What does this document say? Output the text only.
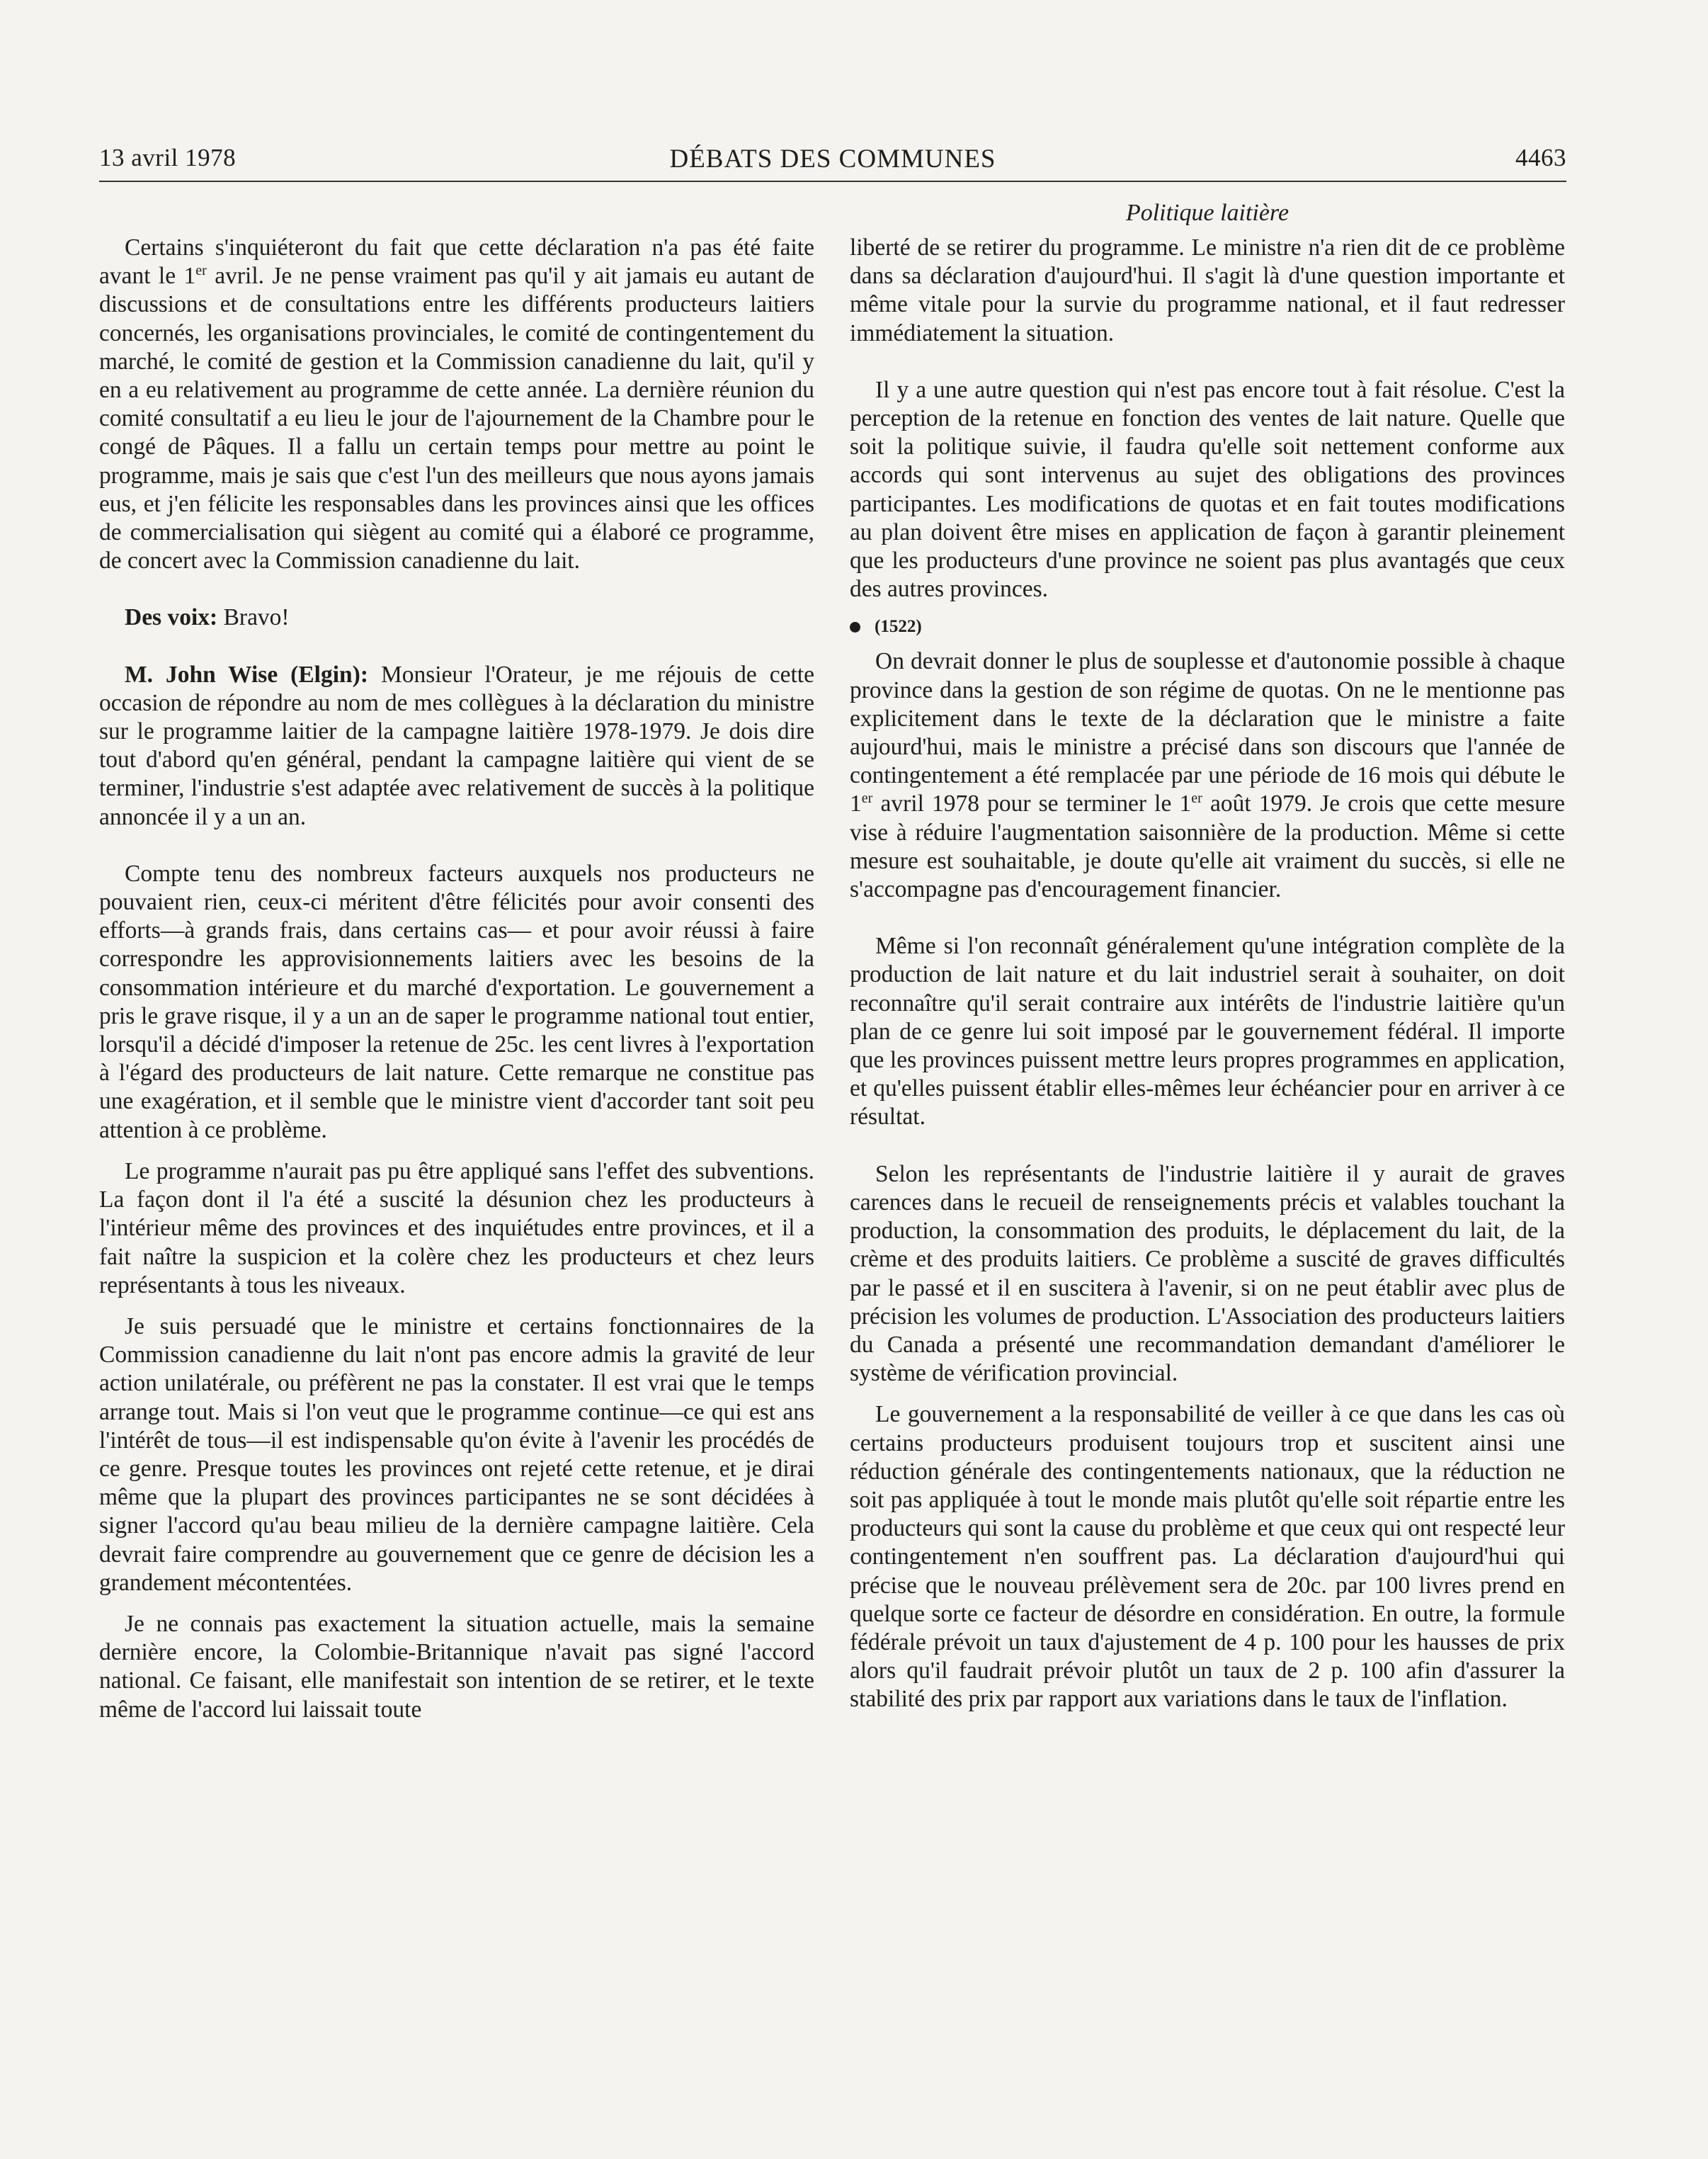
13 avril 1978	DÉBATS DES COMMUNES	4463
Politique laitière

Certains s'inquiéteront du fait que cette déclaration n'a pas été faite avant le 1er avril. Je ne pense vraiment pas qu'il y ait jamais eu autant de discussions et de consultations entre les différents producteurs laitiers concernés, les organisations provinciales, le comité de contingentement du marché, le comité de gestion et la Commission canadienne du lait, qu'il y en a eu relativement au programme de cette année. La dernière réunion du comité consultatif a eu lieu le jour de l'ajournement de la Chambre pour le congé de Pâques. Il a fallu un certain temps pour mettre au point le programme, mais je sais que c'est l'un des meilleurs que nous ayons jamais eus, et j'en félicite les responsables dans les provinces ainsi que les offices de commercialisation qui siègent au comité qui a élaboré ce programme, de concert avec la Commission canadienne du lait.

Des voix: Bravo!

M. John Wise (Elgin): Monsieur l'Orateur, je me réjouis de cette occasion de répondre au nom de mes collègues à la déclaration du ministre sur le programme laitier de la campagne laitière 1978-1979. Je dois dire tout d'abord qu'en général, pendant la campagne laitière qui vient de se terminer, l'industrie s'est adaptée avec relativement de succès à la politique annoncée il y a un an.

Compte tenu des nombreux facteurs auxquels nos producteurs ne pouvaient rien, ceux-ci méritent d'être félicités pour avoir consenti des efforts—à grands frais, dans certains cas— et pour avoir réussi à faire correspondre les approvisionnements laitiers avec les besoins de la consommation intérieure et du marché d'exportation. Le gouvernement a pris le grave risque, il y a un an de saper le programme national tout entier, lorsqu'il a décidé d'imposer la retenue de 25c. les cent livres à l'exportation à l'égard des producteurs de lait nature. Cette remarque ne constitue pas une exagération, et il semble que le ministre vient d'accorder tant soit peu attention à ce problème.

Le programme n'aurait pas pu être appliqué sans l'effet des subventions. La façon dont il l'a été a suscité la désunion chez les producteurs à l'intérieur même des provinces et des inquiétudes entre provinces, et il a fait naître la suspicion et la colère chez les producteurs et chez leurs représentants à tous les niveaux.

Je suis persuadé que le ministre et certains fonctionnaires de la Commission canadienne du lait n'ont pas encore admis la gravité de leur action unilatérale, ou préfèrent ne pas la constater. Il est vrai que le temps arrange tout. Mais si l'on veut que le programme continue—ce qui est ans l'intérêt de tous—il est indispensable qu'on évite à l'avenir les procédés de ce genre. Presque toutes les provinces ont rejeté cette retenue, et je dirai même que la plupart des provinces participantes ne se sont décidées à signer l'accord qu'au beau milieu de la dernière campagne laitière. Cela devrait faire comprendre au gouvernement que ce genre de décision les a grandement mécontentées.

Je ne connais pas exactement la situation actuelle, mais la semaine dernière encore, la Colombie-Britannique n'avait pas signé l'accord national. Ce faisant, elle manifestait son intention de se retirer, et le texte même de l'accord lui laissait toute

liberté de se retirer du programme. Le ministre n'a rien dit de ce problème dans sa déclaration d'aujourd'hui. Il s'agit là d'une question importante et même vitale pour la survie du programme national, et il faut redresser immédiatement la situation.

Il y a une autre question qui n'est pas encore tout à fait résolue. C'est la perception de la retenue en fonction des ventes de lait nature. Quelle que soit la politique suivie, il faudra qu'elle soit nettement conforme aux accords qui sont intervenus au sujet des obligations des provinces participantes. Les modifications de quotas et en fait toutes modifications au plan doivent être mises en application de façon à garantir pleinement que les producteurs d'une province ne soient pas plus avantagés que ceux des autres provinces.

(1522)

On devrait donner le plus de souplesse et d'autonomie possible à chaque province dans la gestion de son régime de quotas. On ne le mentionne pas explicitement dans le texte de la déclaration que le ministre a faite aujourd'hui, mais le ministre a précisé dans son discours que l'année de contingentement a été remplacée par une période de 16 mois qui débute le 1er avril 1978 pour se terminer le 1er août 1979. Je crois que cette mesure vise à réduire l'augmentation saisonnière de la production. Même si cette mesure est souhaitable, je doute qu'elle ait vraiment du succès, si elle ne s'accompagne pas d'encouragement financier.

Même si l'on reconnaît généralement qu'une intégration complète de la production de lait nature et du lait industriel serait à souhaiter, on doit reconnaître qu'il serait contraire aux intérêts de l'industrie laitière qu'un plan de ce genre lui soit imposé par le gouvernement fédéral. Il importe que les provinces puissent mettre leurs propres programmes en application, et qu'elles puissent établir elles-mêmes leur échéancier pour en arriver à ce résultat.

Selon les représentants de l'industrie laitière il y aurait de graves carences dans le recueil de renseignements précis et valables touchant la production, la consommation des produits, le déplacement du lait, de la crème et des produits laitiers. Ce problème a suscité de graves difficultés par le passé et il en suscitera à l'avenir, si on ne peut établir avec plus de précision les volumes de production. L'Association des producteurs laitiers du Canada a présenté une recommandation demandant d'améliorer le système de vérification provincial.

Le gouvernement a la responsabilité de veiller à ce que dans les cas où certains producteurs produisent toujours trop et suscitent ainsi une réduction générale des contingentements nationaux, que la réduction ne soit pas appliquée à tout le monde mais plutôt qu'elle soit répartie entre les producteurs qui sont la cause du problème et que ceux qui ont respecté leur contingentement n'en souffrent pas. La déclaration d'aujourd'hui qui précise que le nouveau prélèvement sera de 20c. par 100 livres prend en quelque sorte ce facteur de désordre en considération. En outre, la formule fédérale prévoit un taux d'ajustement de 4 p. 100 pour les hausses de prix alors qu'il faudrait prévoir plutôt un taux de 2 p. 100 afin d'assurer la stabilité des prix par rapport aux variations dans le taux de l'inflation.
